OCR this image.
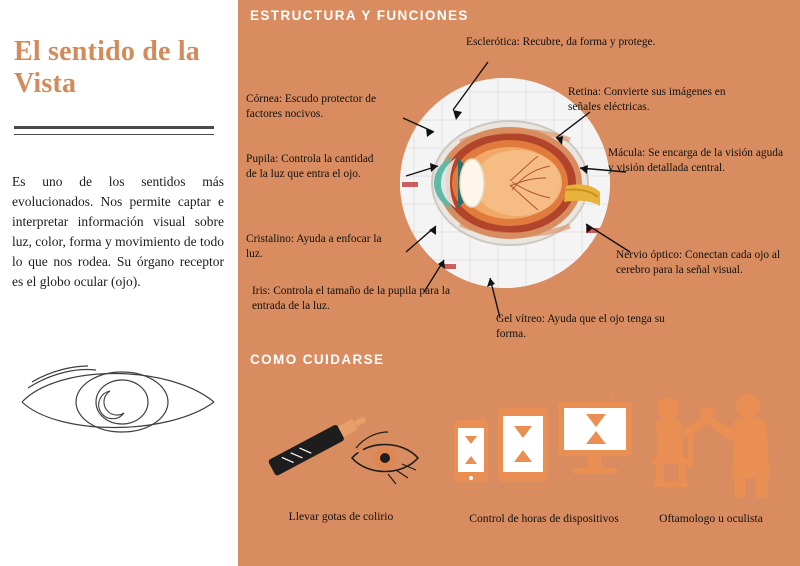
El sentido de la Vista
Es uno de los sentidos más evolucionados. Nos permite captar e interpretar información visual sobre luz, color, forma y movimiento de todo lo que nos rodea. Su órgano receptor es el globo ocular (ojo).
ESTRUCTURA Y FUNCIONES
COMO CUIDARSE
Esclerótica: Recubre, da forma y protege.
Córnea: Escudo protector de factores nocivos.
Retina: Convierte sus imágenes en señales eléctricas.
Pupila: Controla la cantidad de la luz que entra el ojo.
Mácula: Se encarga de la visión aguda y visión detallada central.
Cristalino: Ayuda a enfocar la luz.	Nervio óptico: Conectan cada ojo al cerebro para la señal visual.
Iris: Controla el tamaño de la pupila para la entrada de la luz.
Gel vítreo: Ayuda que el ojo tenga su forma.
Llevar gotas de colirio
z
z
z
Control de horas de dispositivos	Oftamologo u oculista
